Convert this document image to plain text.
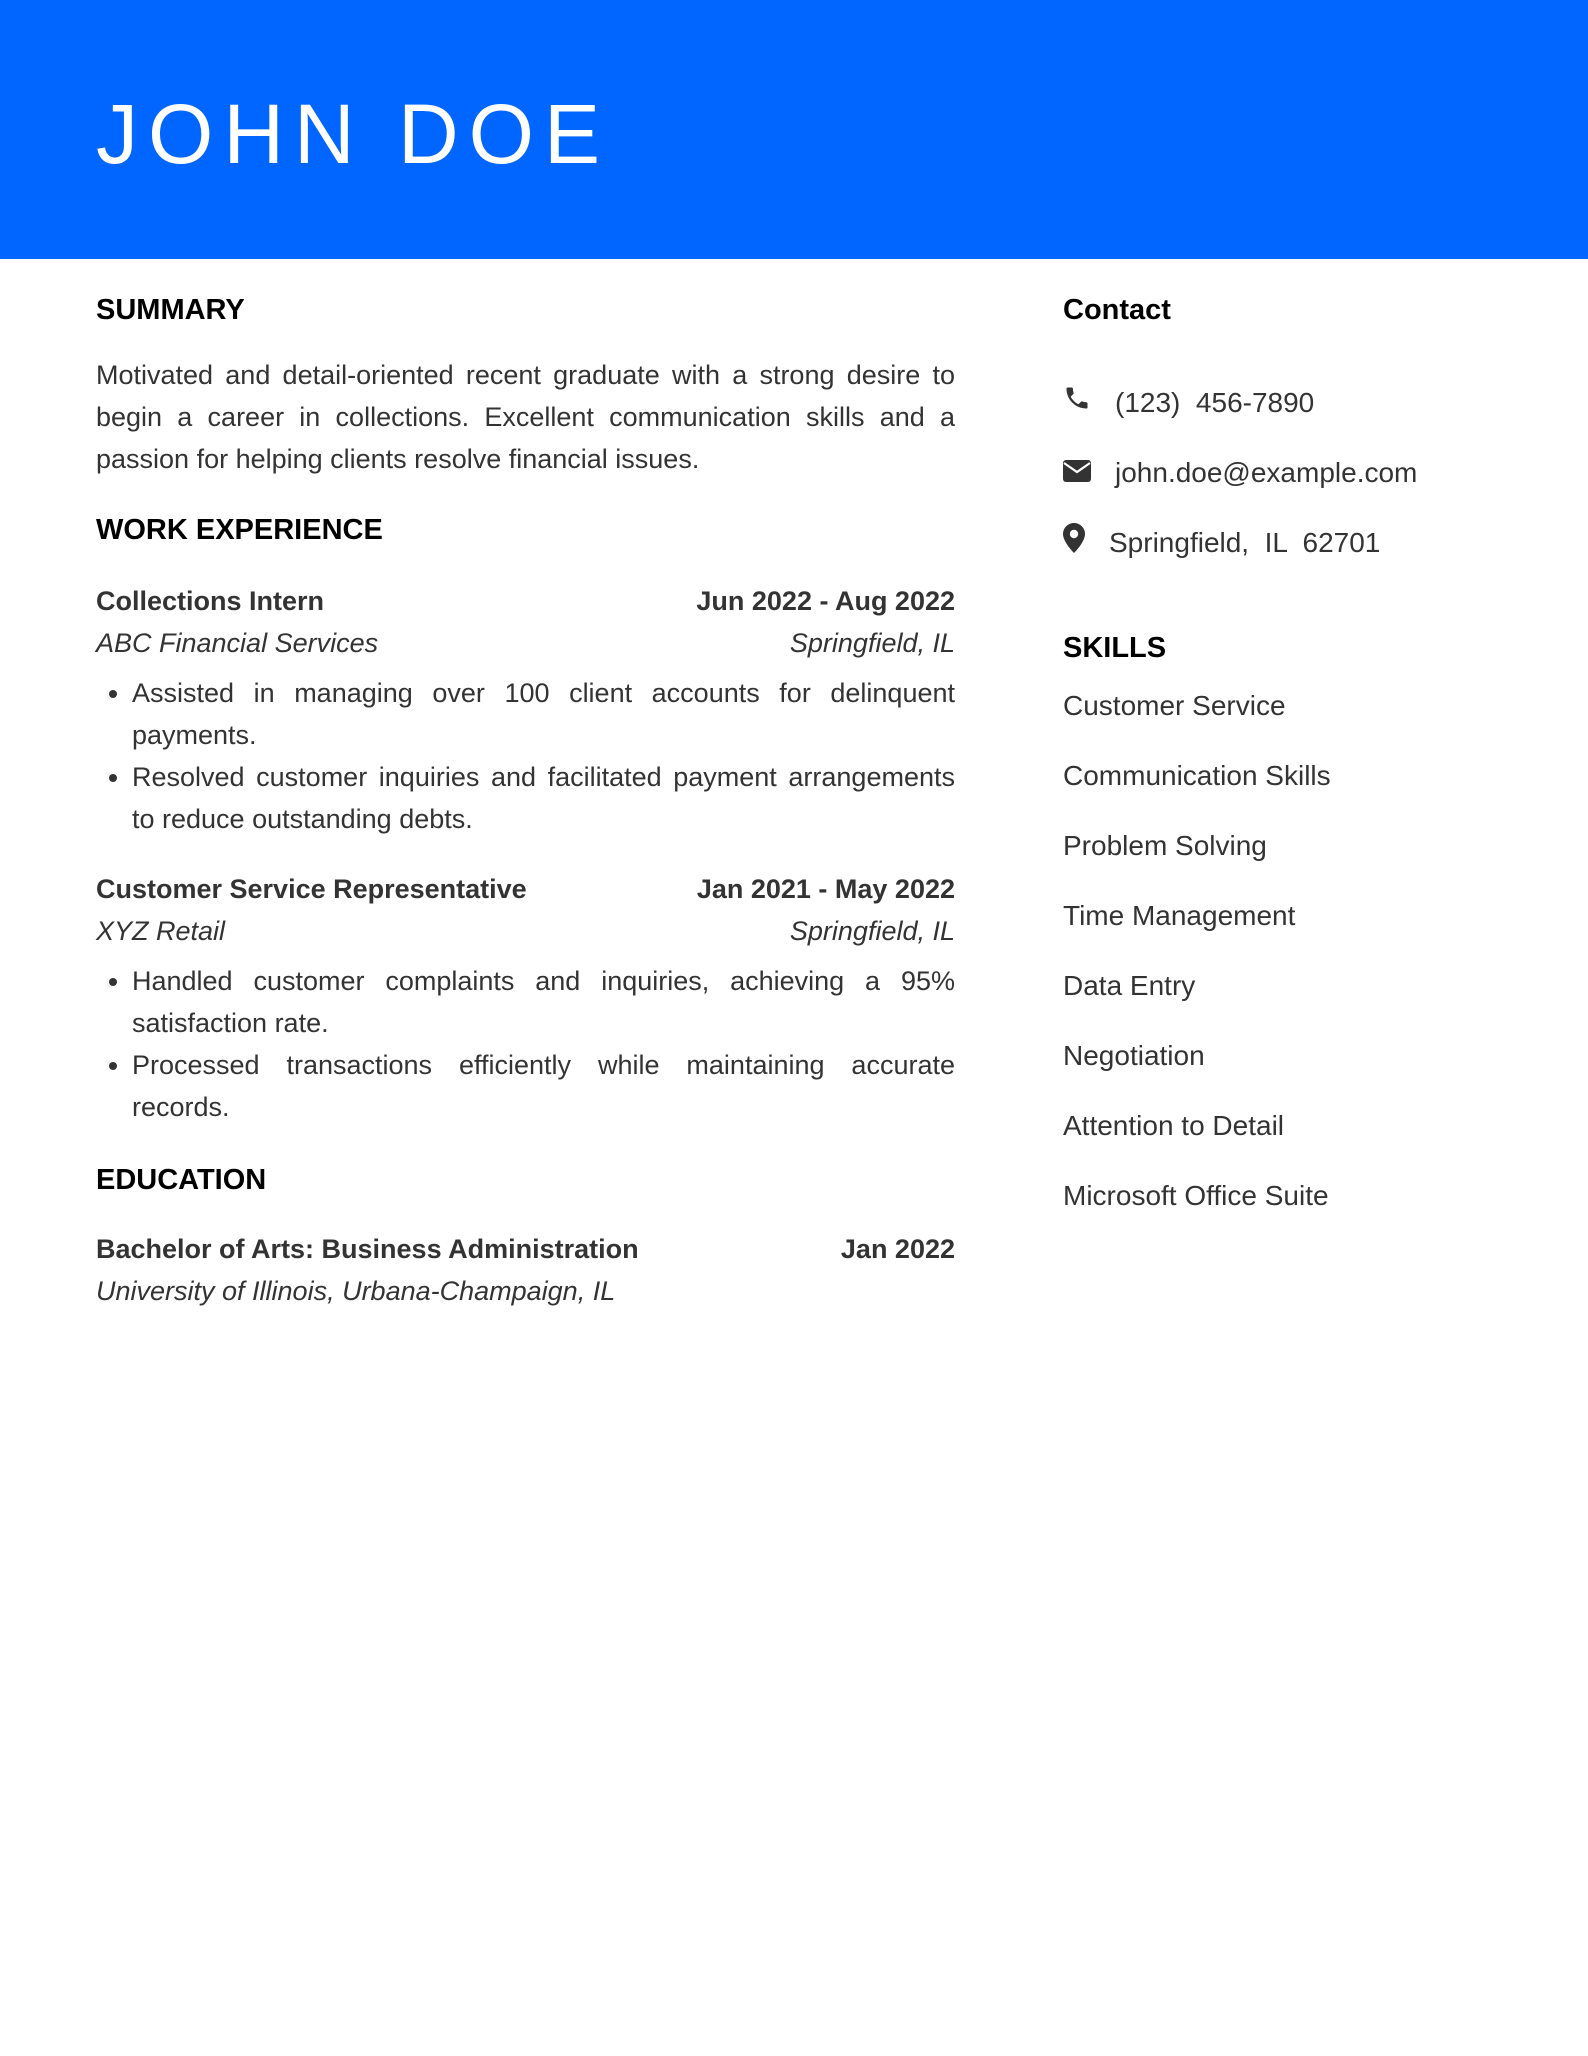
JOHN DOE
SUMMARY

Motivated and detail-oriented recent graduate with a strong desire to begin a career in collections. Excellent communication skills and a passion for helping clients resolve financial issues.

WORK EXPERIENCE
Collections Intern	Jun 2022 - Aug 2022
ABC Financial Services	Springfield, IL
• Assisted in managing over 100 client accounts for delinquent payments.
• Resolved customer inquiries and facilitated payment arrangements to reduce outstanding debts.
Customer Service Representative	Jan 2021 - May 2022
XYZ Retail	Springfield, IL
• Handled customer complaints and inquiries, achieving a 95% satisfaction rate.
• Processed transactions efficiently while maintaining accurate records.
EDUCATION
Bachelor of Arts: Business Administration	Jan 2022
University of Illinois, Urbana-Champaign, IL
Contact
(123)  456-7890
john.doe@example.com
Springfield,  IL  62701
SKILLS
Customer Service
Communication Skills
Problem Solving
Time Management
Data Entry
Negotiation
Attention to Detail
Microsoft Office Suite
